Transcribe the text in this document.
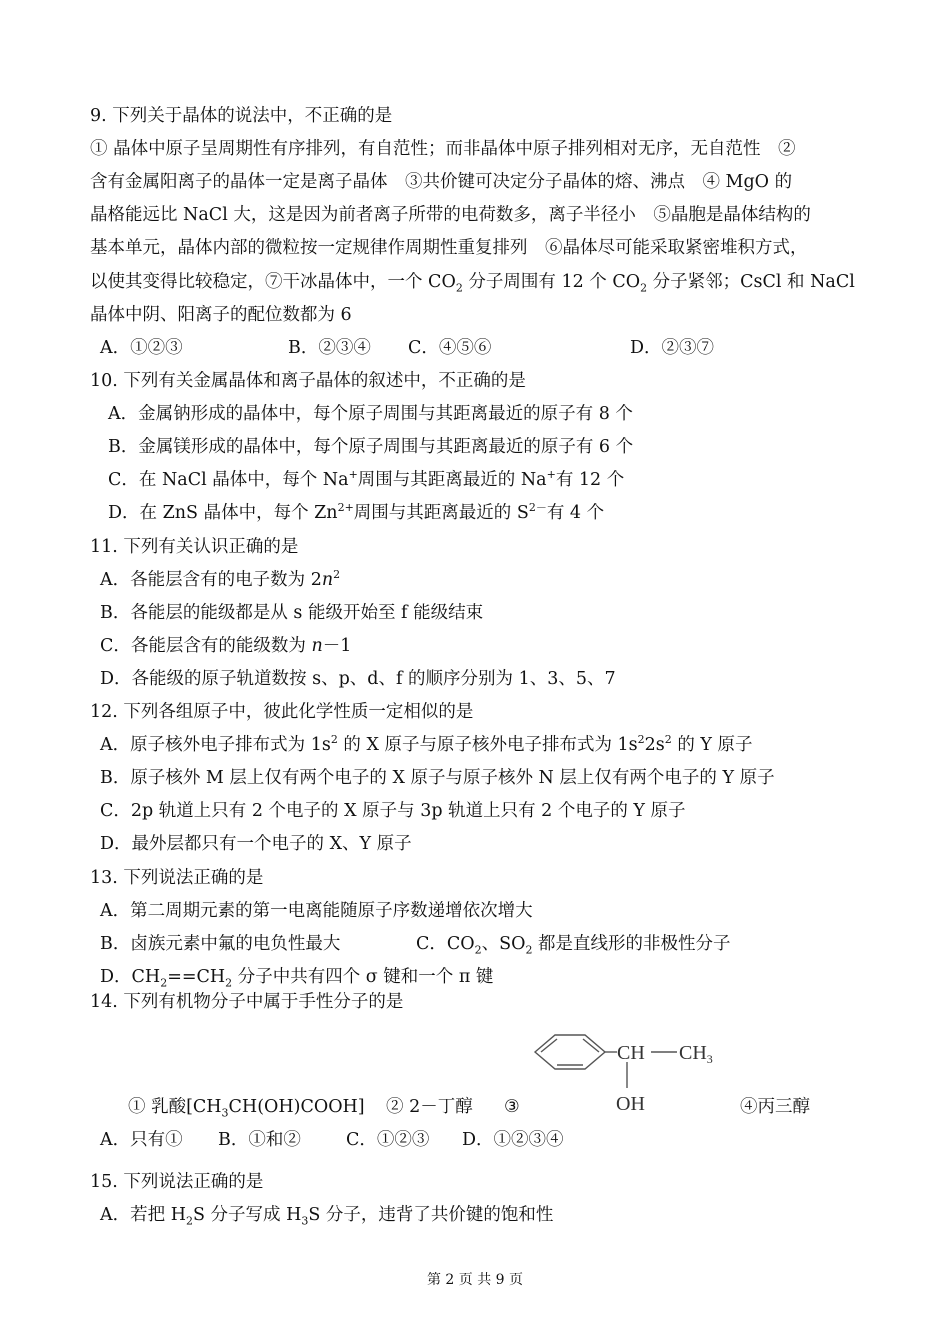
9. 下列关于晶体的说法中，不正确的是
① 晶体中原子呈周期性有序排列，有自范性；而非晶体中原子排列相对无序，无自范性　②
含有金属阳离子的晶体一定是离子晶体　③共价键可决定分子晶体的熔、沸点　④ MgO 的
晶格能远比 NaCl 大，这是因为前者离子所带的电荷数多，离子半径小　⑤晶胞是晶体结构的
基本单元，晶体内部的微粒按一定规律作周期性重复排列　⑥晶体尽可能采取紧密堆积方式，
以使其变得比较稳定，⑦干冰晶体中，一个 $CO_2$ 分子周围有 12 个 $CO_2$ 分子紧邻；CsCl 和 NaCl
晶体中阴、阳离子的配位数都为 6
A．①②③	B．②③④ C．④⑤⑥	D．②③⑦
10. 下列有关金属晶体和离子晶体的叙述中，不正确的是
A．金属钠形成的晶体中，每个原子周围与其距离最近的原子有 8 个
B．金属镁形成的晶体中，每个原子周围与其距离最近的原子有 6 个
C．在 NaCl 晶体中，每个 Na+周围与其距离最近的 Na+有 12 个
D．在 ZnS 晶体中，每个 $Zn^{2+}$周围与其距离最近的 $S^{2-}$有 4 个
11. 下列有关认识正确的是
A．各能层含有的电子数为 $2n^2$
B．各能层的能级都是从 s 能级开始至 f 能级结束
C．各能层含有的能级数为 n－1
D．各能级的原子轨道数按 s、p、d、f 的顺序分别为 1、3、5、7
12. 下列各组原子中，彼此化学性质一定相似的是
A．原子核外电子排布式为 $1s^2$ 的 X 原子与原子核外电子排布式为 $1s^22s^2$ 的 Y 原子
B．原子核外 M 层上仅有两个电子的 X 原子与原子核外 N 层上仅有两个电子的 Y 原子
C．2p 轨道上只有 2 个电子的 X 原子与 3p 轨道上只有 2 个电子的 Y 原子
D．最外层都只有一个电子的 X、Y 原子
13. 下列说法正确的是
A．第二周期元素的第一电离能随原子序数递增依次增大
B．卤族元素中氟的电负性最大	C．$CO_2$、$SO_2$ 都是直线形的非极性分子
D．$CH_2==CH_2$ 分子中共有四个 σ 键和一个 π 键
14. 下列有机物分子中属于手性分子的是
CH $CH_3$
OH
① 乳酸$[CH_3CH(OH)COOH]$ ② 2－丁醇 ③	④丙三醇
A．只有① B．①和②	C．①②③ D．①②③④
15. 下列说法正确的是
A．若把 $H_2S$ 分子写成 $H_3S$ 分子，违背了共价键的饱和性
第 2 页 共 9 页
